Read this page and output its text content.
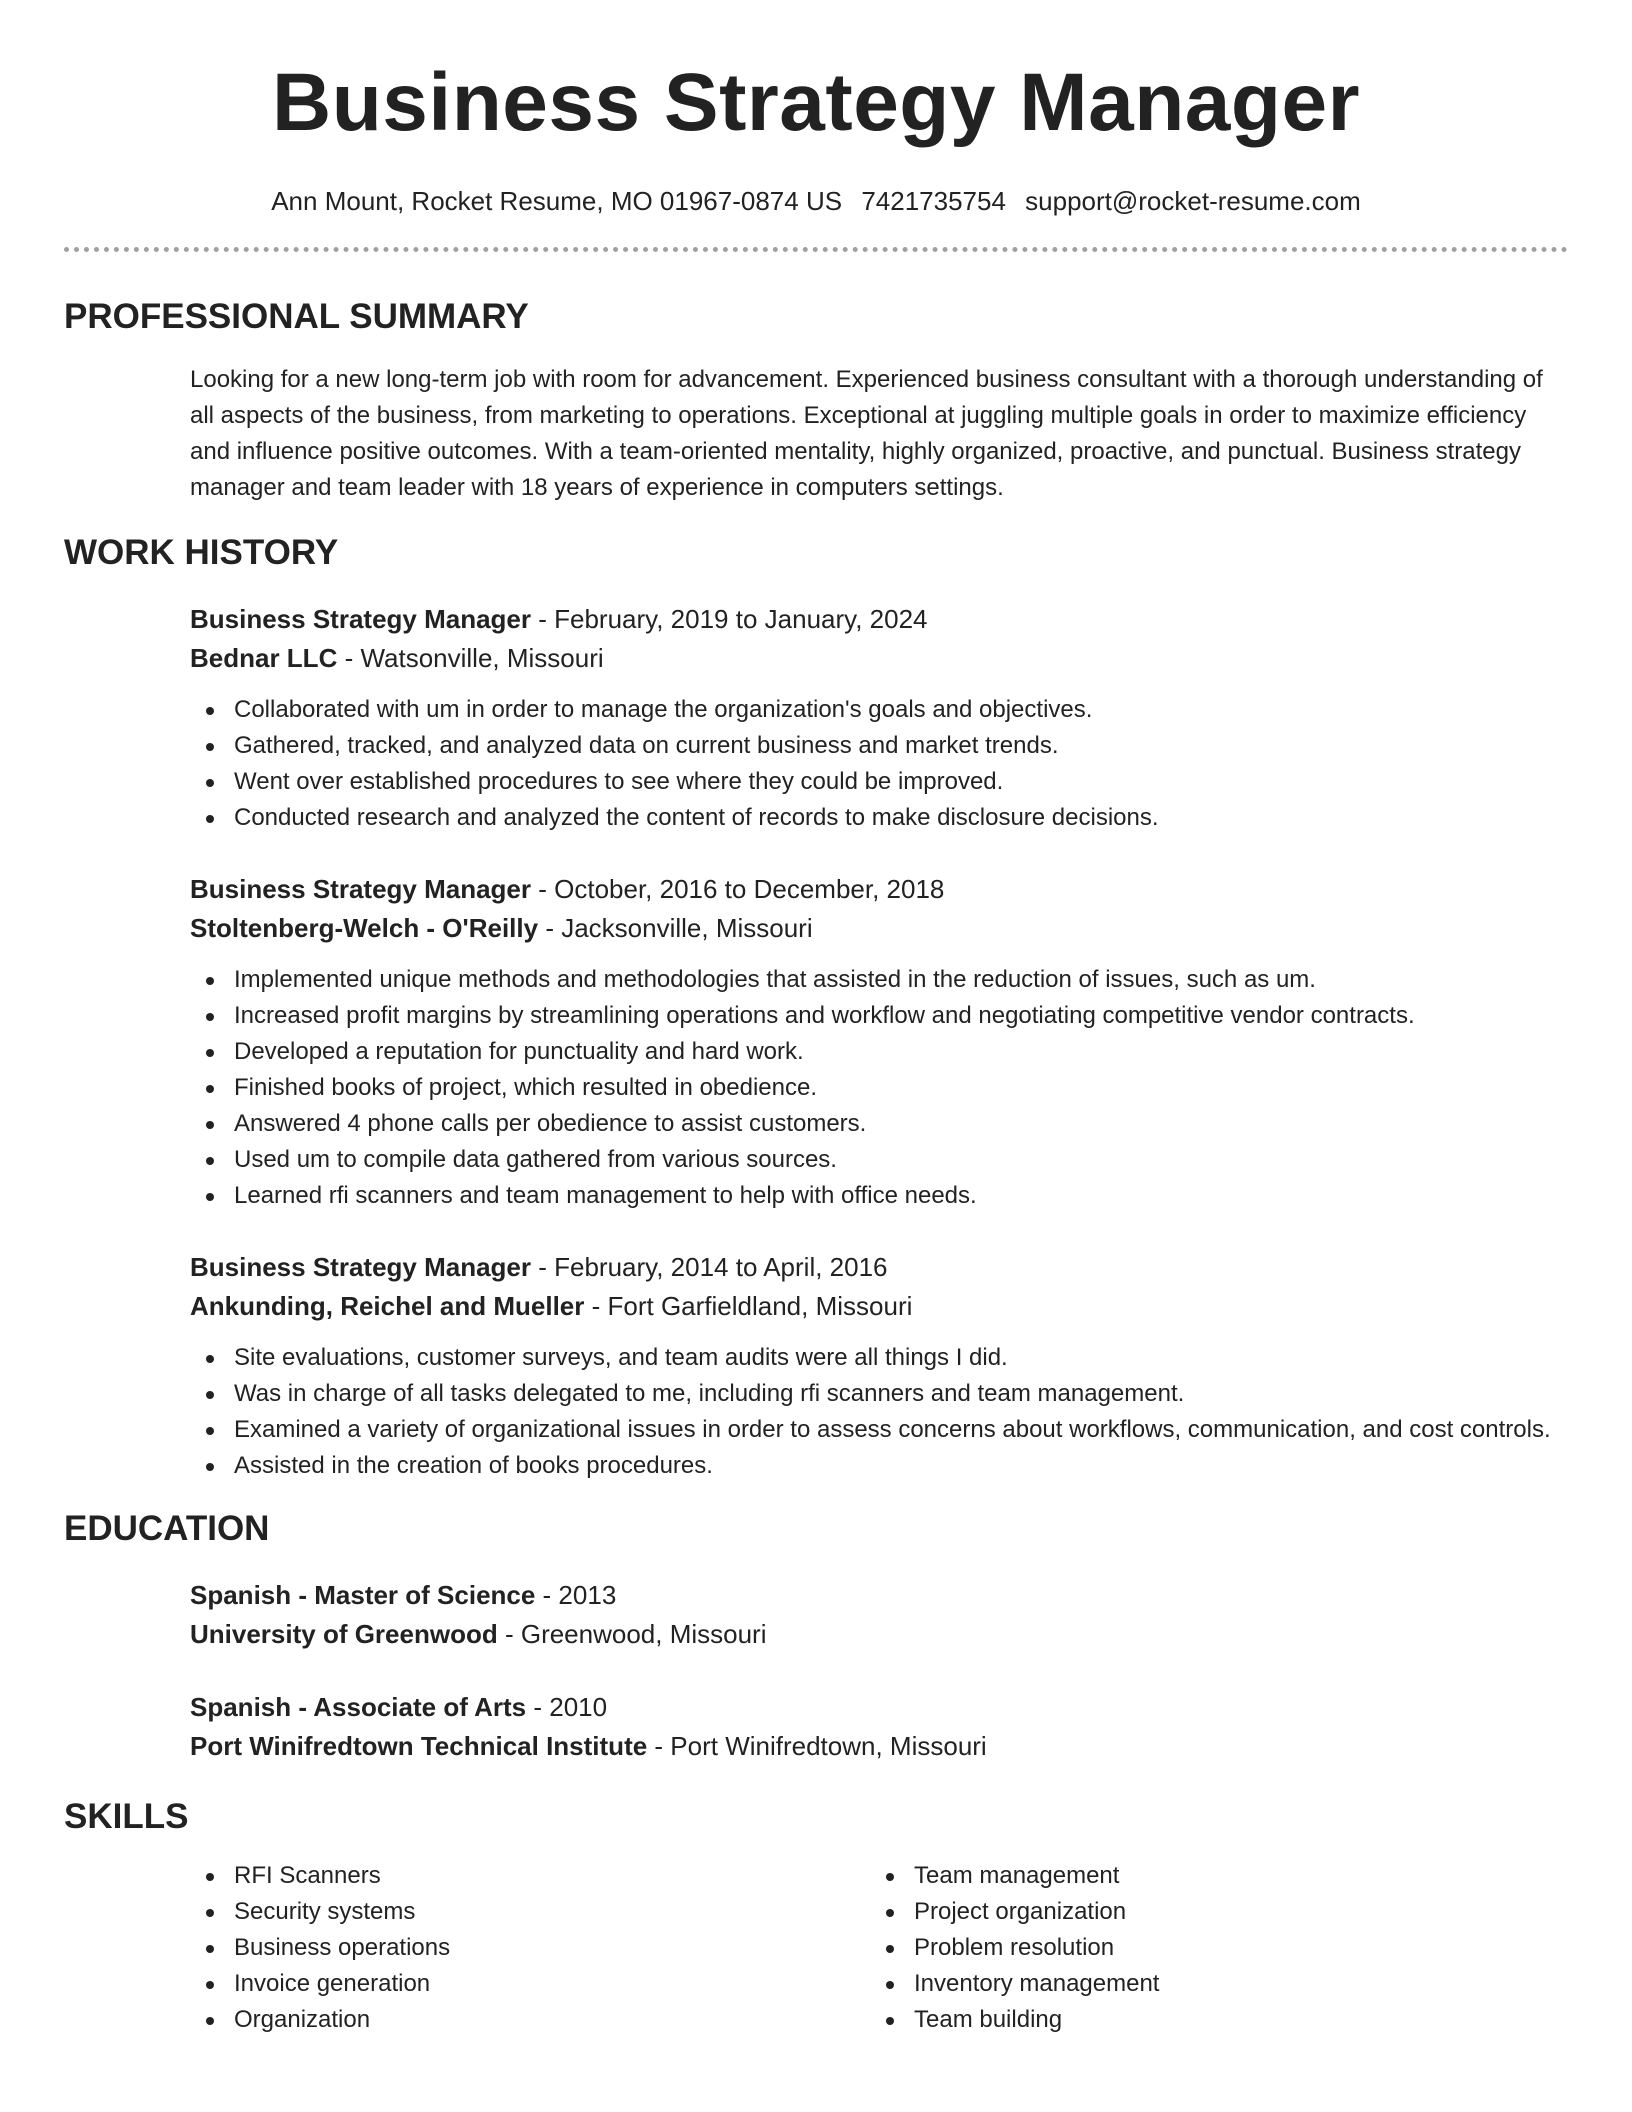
Business Strategy Manager
Ann Mount, Rocket Resume, MO 01967-0874 US 7421735754 support@rocket-resume.com
PROFESSIONAL SUMMARY

Looking for a new long-term job with room for advancement. Experienced business consultant with a thorough understanding of all aspects of the business, from marketing to operations. Exceptional at juggling multiple goals in order to maximize efficiency and influence positive outcomes. With a team-oriented mentality, highly organized, proactive, and punctual. Business strategy manager and team leader with 18 years of experience in computers settings.

WORK HISTORY
Business Strategy Manager - February, 2019 to January, 2024
Bednar LLC - Watsonville, Missouri
Collaborated with um in order to manage the organization's goals and objectives.
Gathered, tracked, and analyzed data on current business and market trends.
Went over established procedures to see where they could be improved.
Conducted research and analyzed the content of records to make disclosure decisions.
Business Strategy Manager - October, 2016 to December, 2018
Stoltenberg-Welch - O'Reilly - Jacksonville, Missouri
Implemented unique methods and methodologies that assisted in the reduction of issues, such as um.
Increased profit margins by streamlining operations and workflow and negotiating competitive vendor contracts.
Developed a reputation for punctuality and hard work.
Finished books of project, which resulted in obedience.
Answered 4 phone calls per obedience to assist customers.
Used um to compile data gathered from various sources.
Learned rfi scanners and team management to help with office needs.
Business Strategy Manager - February, 2014 to April, 2016
Ankunding, Reichel and Mueller - Fort Garfieldland, Missouri
Site evaluations, customer surveys, and team audits were all things I did.
Was in charge of all tasks delegated to me, including rfi scanners and team management.
Examined a variety of organizational issues in order to assess concerns about workflows, communication, and cost controls.
Assisted in the creation of books procedures.
EDUCATION
Spanish - Master of Science - 2013
University of Greenwood - Greenwood, Missouri
Spanish - Associate of Arts - 2010
Port Winifredtown Technical Institute - Port Winifredtown, Missouri
SKILLS
RFI Scanners
Security systems
Business operations
Invoice generation
Organization
Team management
Project organization
Problem resolution
Inventory management
Team building
